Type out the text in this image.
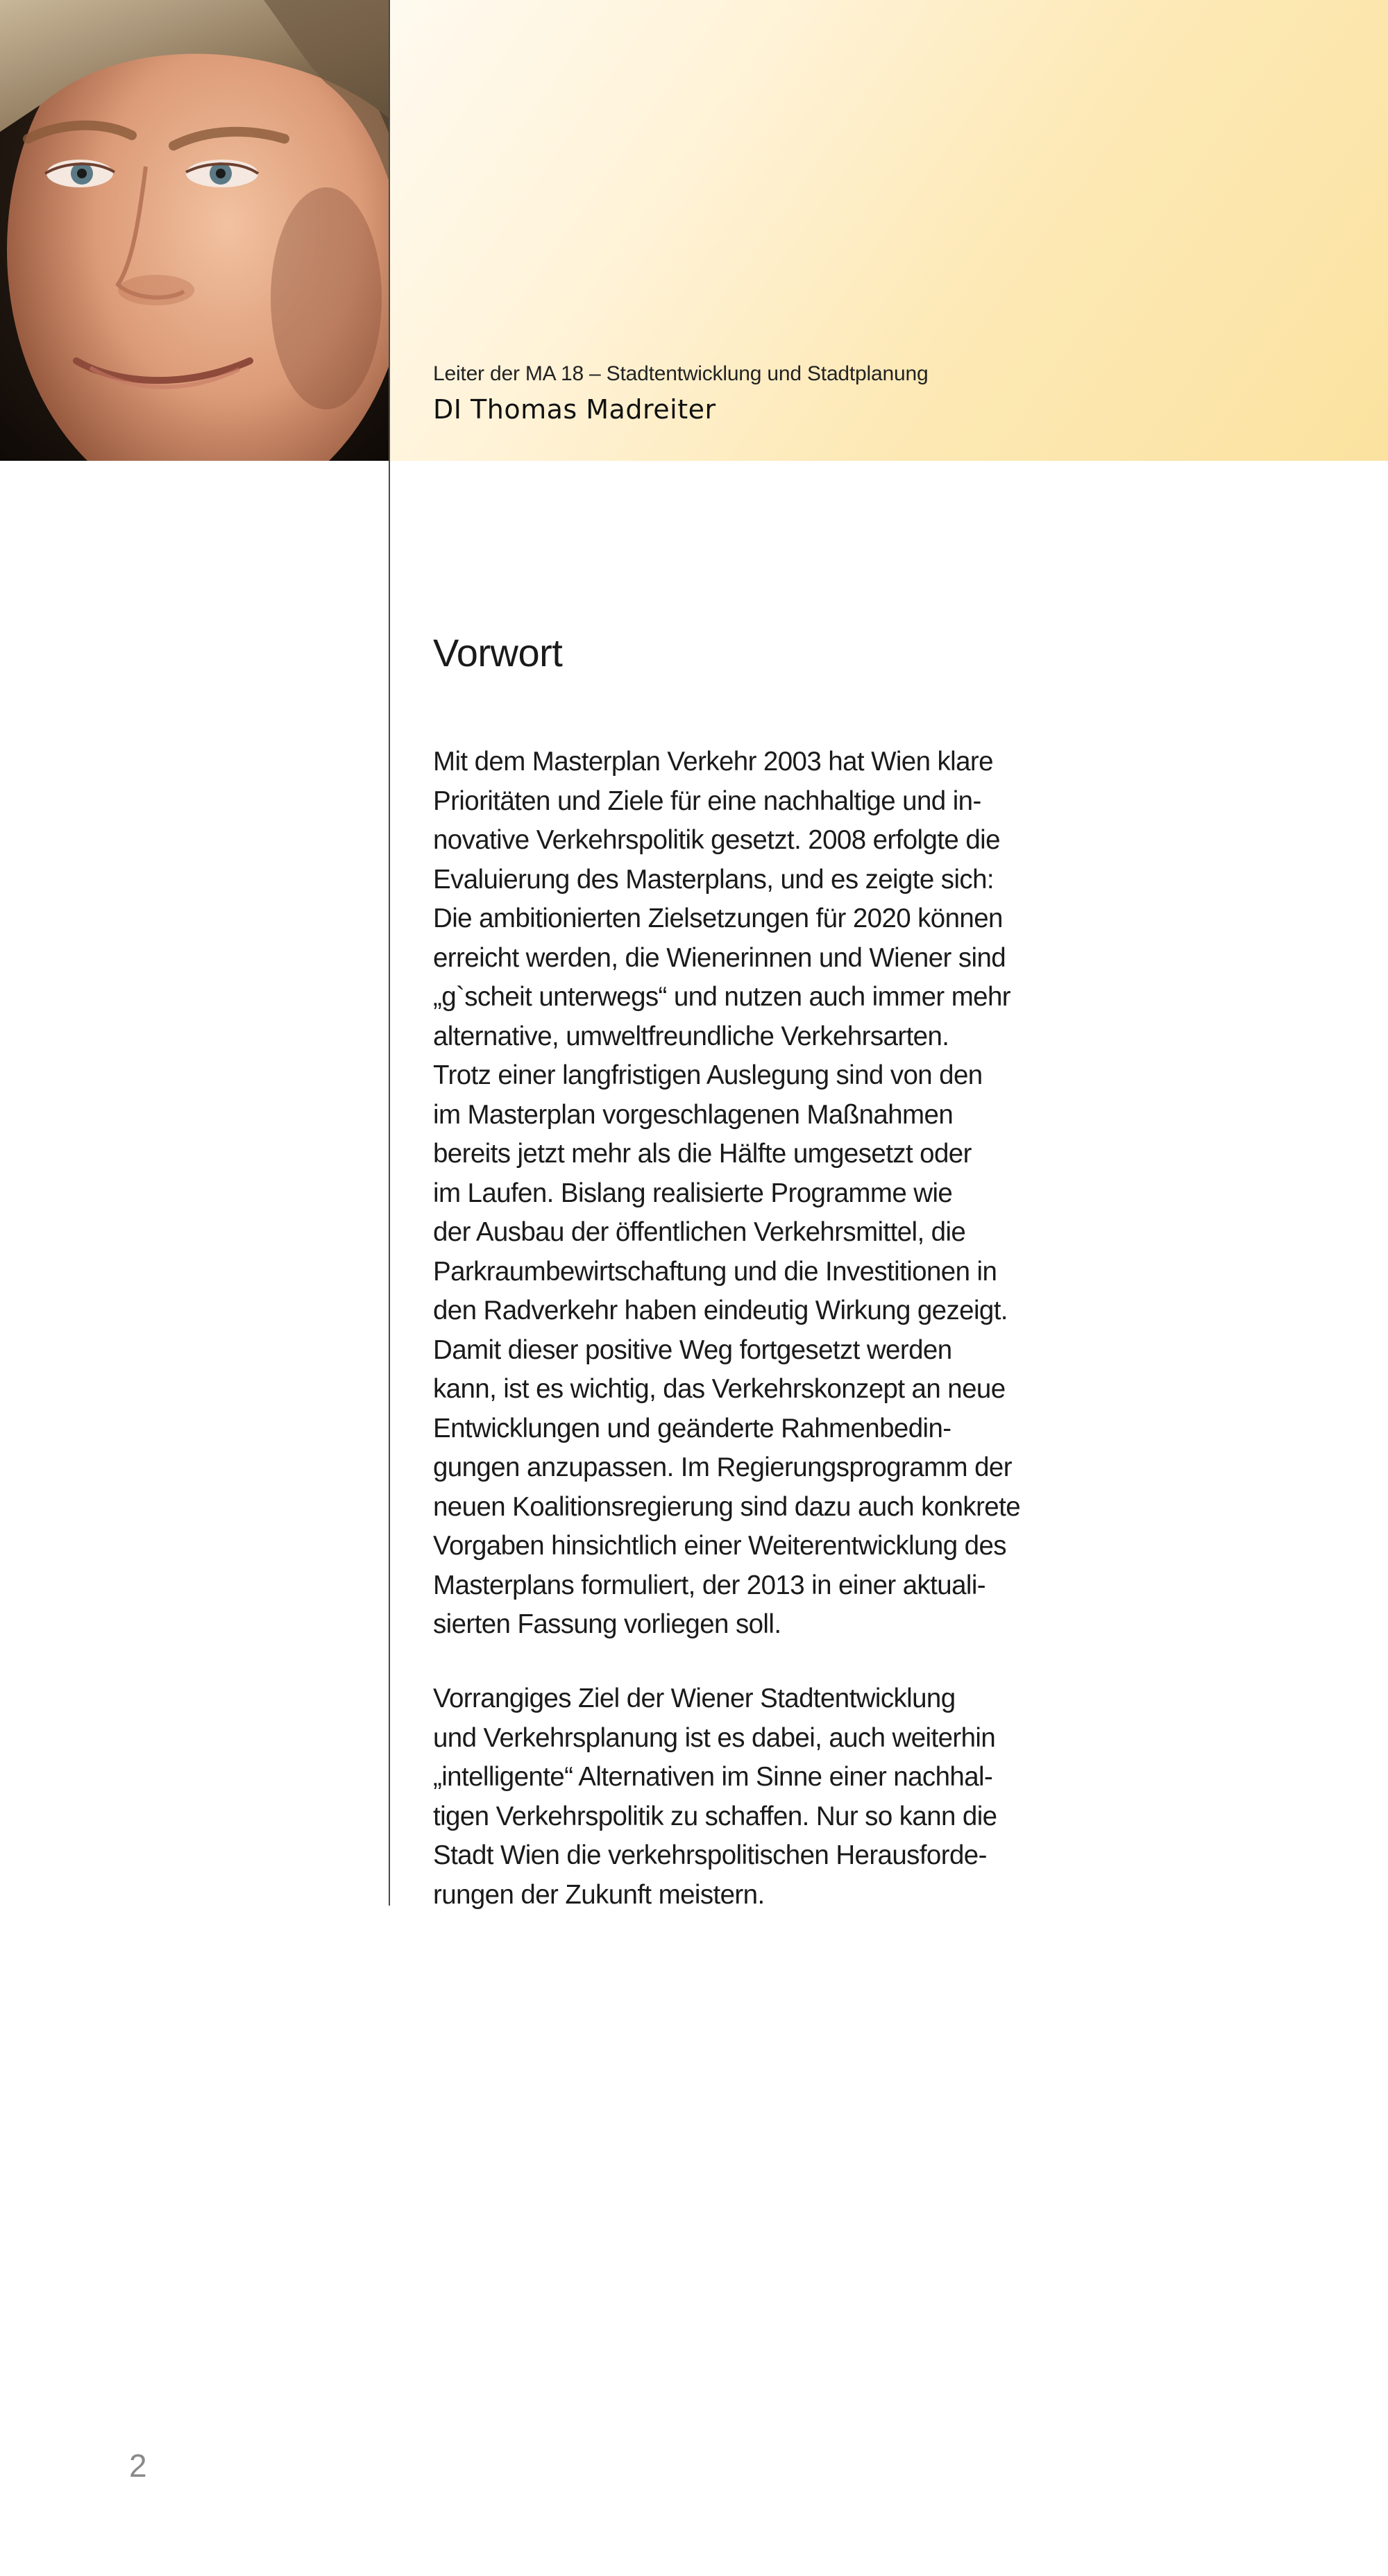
Leiter der MA 18 – Stadtentwicklung und Stadtplanung
DI Thomas Madreiter
Vorwort

Mit dem Masterplan Verkehr 2003 hat Wien klare
Prioritäten und Ziele für eine nachhaltige und in-
novative Verkehrspolitik gesetzt. 2008 erfolgte die
Evaluierung des Masterplans, und es zeigte sich:
Die ambitionierten Zielsetzungen für 2020 können
erreicht werden, die Wienerinnen und Wiener sind
„g`scheit unterwegs“ und nutzen auch immer mehr
alternative, umweltfreundliche Verkehrsarten.
Trotz einer langfristigen Auslegung sind von den
im Masterplan vorgeschlagenen Maßnahmen
bereits jetzt mehr als die Hälfte umgesetzt oder
im Laufen. Bislang realisierte Programme wie
der Ausbau der öffentlichen Verkehrsmittel, die
Parkraumbewirtschaftung und die Investitionen in
den Radverkehr haben eindeutig Wirkung gezeigt.
Damit dieser positive Weg fortgesetzt werden
kann, ist es wichtig, das Verkehrskonzept an neue
Entwicklungen und geänderte Rahmenbedin-
gungen anzupassen. Im Regierungsprogramm der
neuen Koalitionsregierung sind dazu auch konkrete
Vorgaben hinsichtlich einer Weiterentwicklung des
Masterplans formuliert, der 2013 in einer aktuali-
sierten Fassung vorliegen soll.

Vorrangiges Ziel der Wiener Stadtentwicklung
und Verkehrsplanung ist es dabei, auch weiterhin
„intelligente“ Alternativen im Sinne einer nachhal-
tigen Verkehrspolitik zu schaffen. Nur so kann die
Stadt Wien die verkehrspolitischen Herausforde-
rungen der Zukunft meistern.

2
